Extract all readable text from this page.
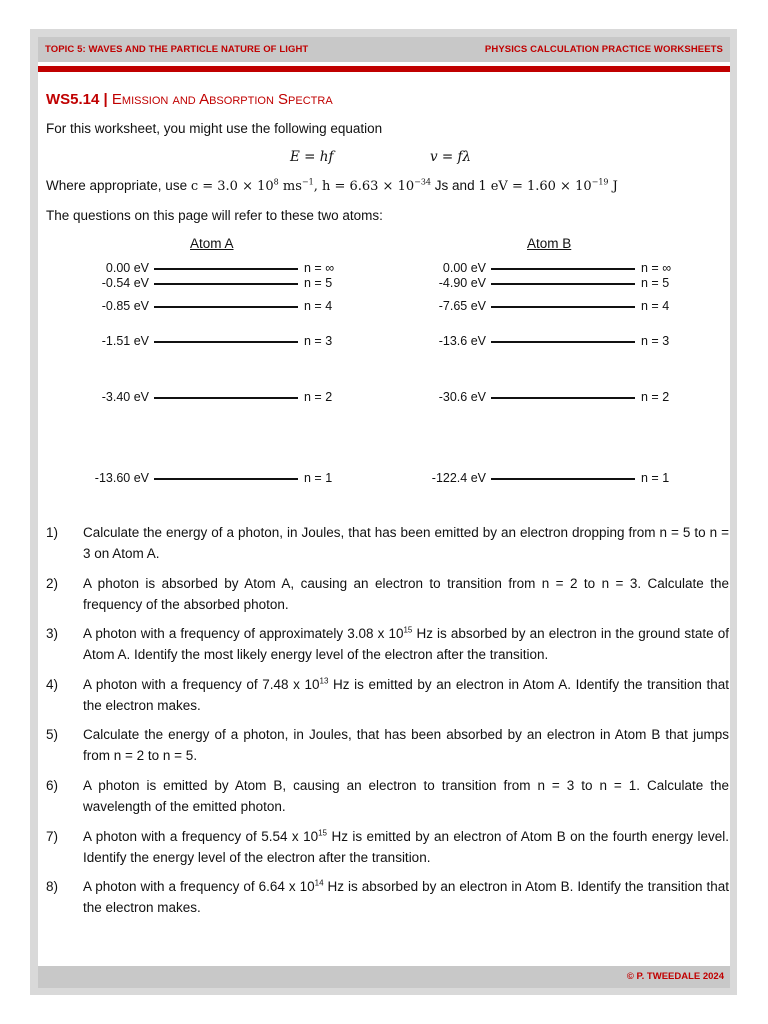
TOPIC 5: WAVES AND THE PARTICLE NATURE OF LIGHT	PHYSICS CALCULATION PRACTICE WORKSHEETS
WS5.14 | Emission and Absorption Spectra
For this worksheet, you might use the following equation
E = hf	v = fλ
Where appropriate, use $c = 3.0 \times 10^8$ $ms^{-1}$, $h = 6.63 \times 10^{-34}$ Js and 1 eV = $1.60 \times 10^{-19}$ J
The questions on this page will refer to these two atoms:
Atom A
0.00 eV	n = ∞
-0.54 eV	n = 5
-0.85 eV	n = 4
-1.51 eV	n = 3
-3.40 eV	n = 2
-13.60 eV	n = 1
Atom B
0.00 eV	n = ∞
-4.90 eV	n = 5
-7.65 eV	n = 4
-13.6 eV	n = 3
-30.6 eV	n = 2
-122.4 eV	n = 1
1) Calculate the energy of a photon, in Joules, that has been emitted by an electron dropping from n = 5 to n = 3 on Atom A.
2) A photon is absorbed by Atom A, causing an electron to transition from n = 2 to n = 3. Calculate the frequency of the absorbed photon.
3) A photon with a frequency of approximately 3.08 x $10^{15}$ Hz is absorbed by an electron in the ground state of Atom A. Identify the most likely energy level of the electron after the transition.
4) A photon with a frequency of 7.48 x $10^{13}$ Hz is emitted by an electron in Atom A. Identify the transition that the electron makes.
5) Calculate the energy of a photon, in Joules, that has been absorbed by an electron in Atom B that jumps from n = 2 to n = 5.
6) A photon is emitted by Atom B, causing an electron to transition from n = 3 to n = 1. Calculate the wavelength of the emitted photon.
7) A photon with a frequency of 5.54 x $10^{15}$ Hz is emitted by an electron of Atom B on the fourth energy level. Identify the energy level of the electron after the transition.
8) A photon with a frequency of 6.64 x $10^{14}$ Hz is absorbed by an electron in Atom B. Identify the transition that the electron makes.
© P. TWEEDALE 2024
